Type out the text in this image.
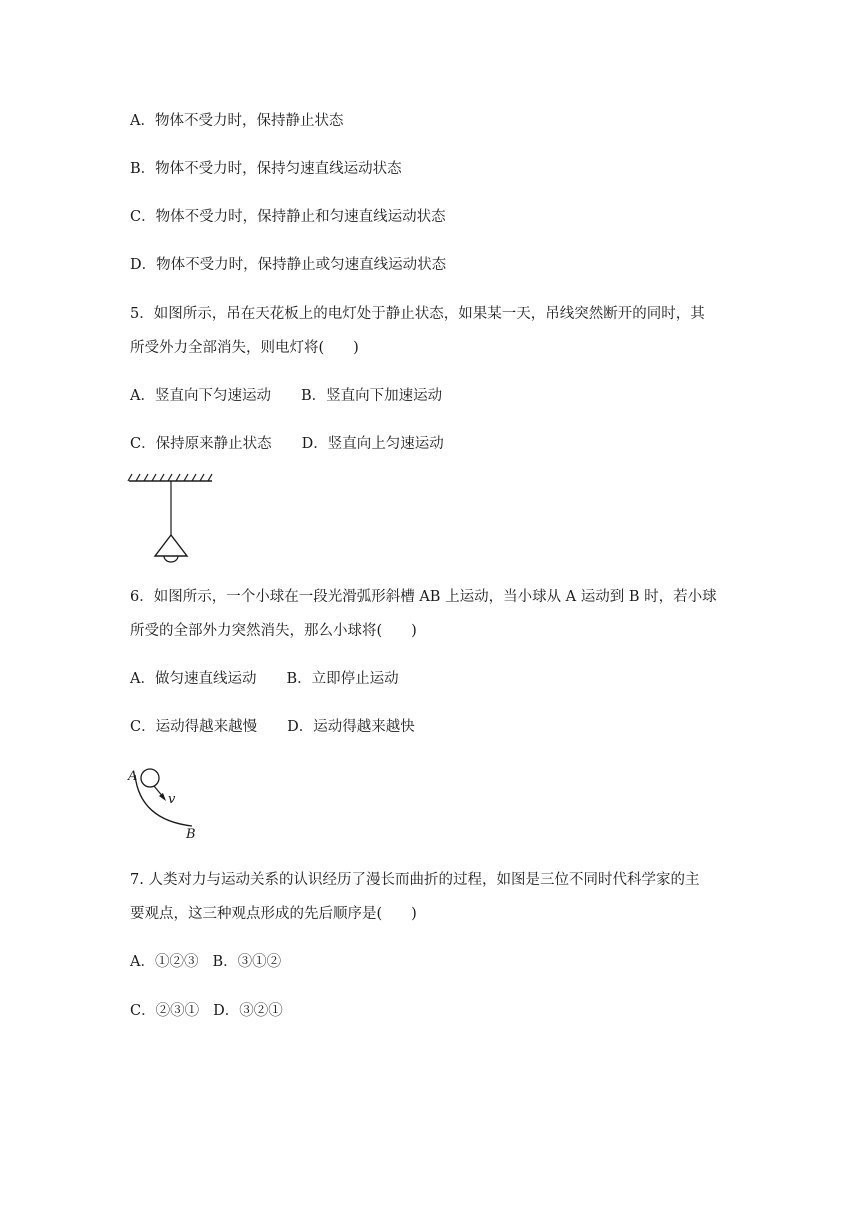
A．物体不受力时，保持静止状态
B．物体不受力时，保持匀速直线运动状态
C．物体不受力时，保持静止和匀速直线运动状态
D．物体不受力时，保持静止或匀速直线运动状态
5．如图所示，吊在天花板上的电灯处于静止状态，如果某一天，吊线突然断开的同时，其
所受外力全部消失，则电灯将(　　)
A．竖直向下匀速运动 B．竖直向下加速运动
C．保持原来静止状态 D．竖直向上匀速运动
6．如图所示，一个小球在一段光滑弧形斜槽 AB 上运动，当小球从 A 运动到 B 时，若小球
所受的全部外力突然消失，那么小球将(　　)
A．做匀速直线运动 B．立即停止运动
C．运动得越来越慢 D．运动得越来越快
A
v
B
7. 人类对力与运动关系的认识经历了漫长而曲折的过程，如图是三位不同时代科学家的主
要观点，这三种观点形成的先后顺序是(　　)
A．①②③ B．③①②
C．②③① D．③②①
